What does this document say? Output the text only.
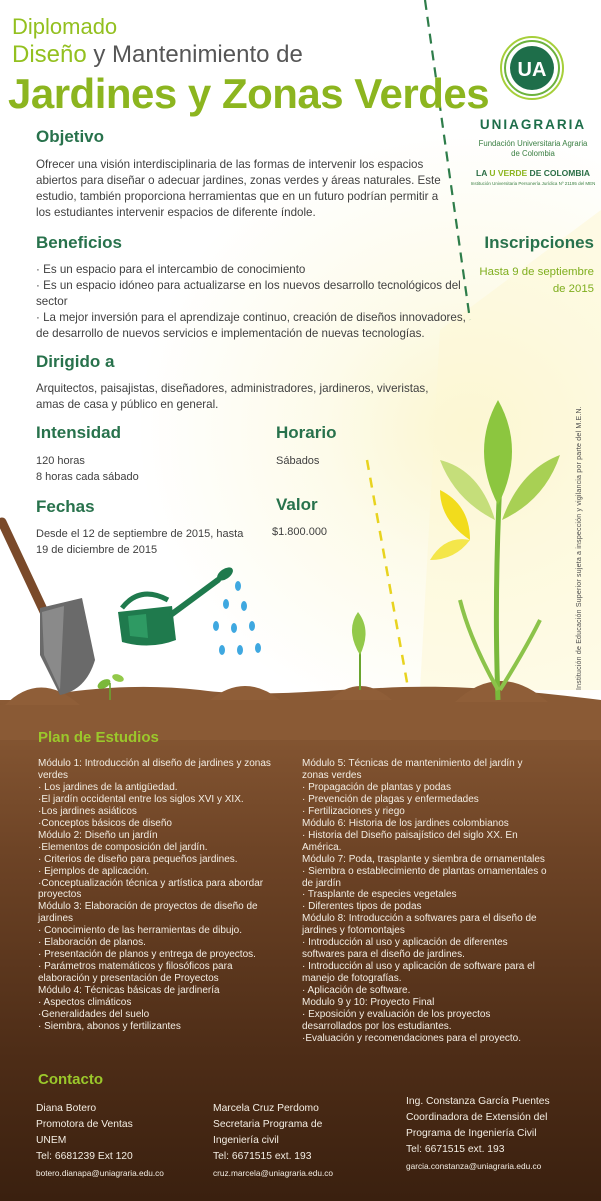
Diplomado
Diseño y Mantenimiento de
Jardines y Zonas Verdes UA
UNIAGRARIA
Fundación Universitaria Agraria
de Colombia
LA U VERDE DE COLOMBIA
Institución Universitaria Personería Jurídica Nº 21195 del MEN
Objetivo
Ofrecer una visión interdisciplinaria de las formas de intervenir los espacios
abiertos para diseñar o adecuar jardines, zonas verdes y áreas naturales. Este
estudio, también proporciona herramientas que en un futuro podrían permitir a
los estudiantes intervenir espacios de diferente índole.
Beneficios
· Es un espacio para el intercambio de conocimiento
· Es un espacio idóneo para actualizarse en los nuevos desarrollo tecnológicos del
sector
· La mejor inversión para el aprendizaje continuo, creación de diseños innovadores,
de desarrollo de nuevos servicios e implementación de nuevas tecnologías.
Inscripciones
Hasta 9 de septiembre
de 2015
Dirigido a
Arquitectos, paisajistas, diseñadores, administradores, jardineros, viveristas,
amas de casa y público en general.
Intensidad
120 horas
8 horas cada sábado
Horario
Sábados
Fechas
Desde el 12 de septiembre de 2015, hasta
19 de diciembre de 2015
Valor
$1.800.000	Institución de Educación Superior sujeta a inspección y vigilancia por parte del M.E.N.
Plan de Estudios
Módulo 1: Introducción al diseño de jardines y zonas
verdes
· Los jardines de la antigüedad.
·El jardín occidental entre los siglos XVI y XIX.
·Los jardines asiáticos
·Conceptos básicos de diseño
Módulo 2: Diseño un jardín
·Elementos de composición del jardín.
· Criterios de diseño para pequeños jardines.
· Ejemplos de aplicación.
·Conceptualización técnica y artística para abordar
proyectos
Módulo 3: Elaboración de proyectos de diseño de
jardines
· Conocimiento de las herramientas de dibujo.
· Elaboración de planos.
· Presentación de planos y entrega de proyectos.
· Parámetros matemáticos y filosóficos para
elaboración y presentación de Proyectos
Módulo 4: Técnicas básicas de jardinería
· Aspectos climáticos
·Generalidades del suelo
· Siembra, abonos y fertilizantes
Módulo 5: Técnicas de mantenimiento del jardín y
zonas verdes
· Propagación de plantas y podas
· Prevención de plagas y enfermedades
· Fertilizaciones y riego
Módulo 6: Historia de los jardines colombianos
· Historia del Diseño paisajístico del siglo XX. En
América.
Módulo 7: Poda, trasplante y siembra de ornamentales
· Siembra o establecimiento de plantas ornamentales o
de jardín
· Trasplante de especies vegetales
· Diferentes tipos de podas
Módulo 8: Introducción a softwares para el diseño de
jardines y fotomontajes
· Introducción al uso y aplicación de diferentes
softwares para el diseño de jardines.
· Introducción al uso y aplicación de software para el
manejo de fotografías.
· Aplicación de software.
Modulo 9 y 10: Proyecto Final
· Exposición y evaluación de los proyectos
desarrollados por los estudiantes.
·Evaluación y recomendaciones para el proyecto.
Contacto
Diana Botero
Promotora de Ventas
UNEM
Tel: 6681239 Ext 120
botero.dianapa@uniagraria.edu.co
Marcela Cruz Perdomo
Secretaria Programa de
Ingeniería civil
Tel: 6671515 ext. 193
cruz.marcela@uniagraria.edu.co
Ing. Constanza García Puentes
Coordinadora de Extensión del
Programa de Ingeniería Civil
Tel: 6671515 ext. 193
garcia.constanza@uniagraria.edu.co
